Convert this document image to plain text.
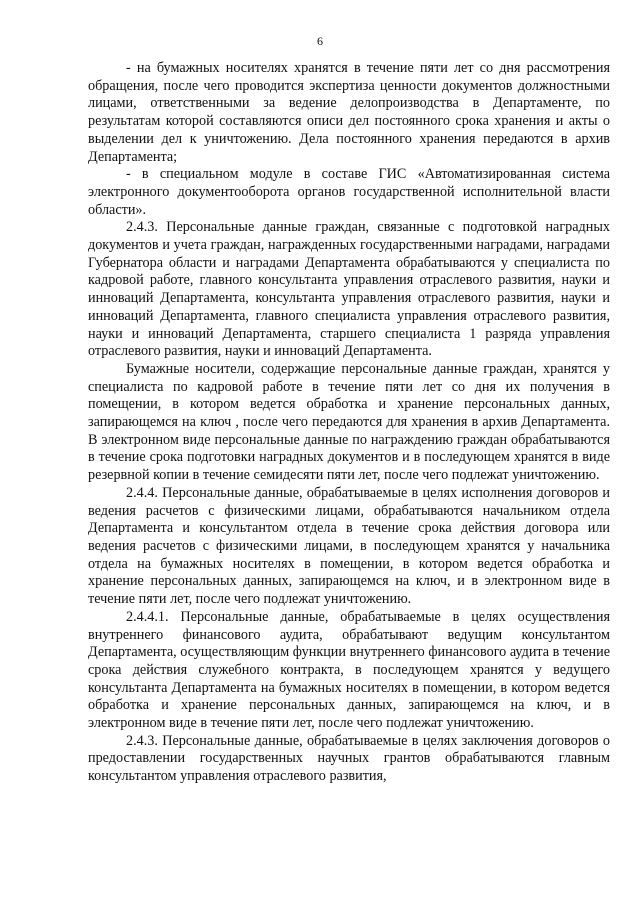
6

- на бумажных носителях хранятся в течение пяти лет со дня рассмотрения обращения, после чего проводится экспертиза ценности документов должностными лицами, ответственными за ведение делопроизводства в Департаменте, по результатам которой составляются описи дел постоянного срока хранения и акты о выделении дел к уничтожению. Дела постоянного хранения передаются в архив Департамента;

- в специальном модуле в составе ГИС «Автоматизированная система электронного документооборота органов государственной исполнительной власти области».

2.4.3. Персональные данные граждан, связанные с подготовкой наградных документов и учета граждан, награжденных государственными наградами, наградами Губернатора области и наградами Департамента обрабатываются у специалиста по кадровой работе, главного консультанта управления отраслевого развития, науки и инноваций Департамента, консультанта управления отраслевого развития, науки и инноваций Департамента, главного специалиста управления отраслевого развития, науки и инноваций Департамента, старшего специалиста 1 разряда управления отраслевого развития, науки и инноваций Департамента.

Бумажные носители, содержащие персональные данные граждан, хранятся у специалиста по кадровой работе в течение пяти лет со дня их получения в помещении, в котором ведется обработка и хранение персональных данных, запирающемся на ключ , после чего передаются для хранения в архив Департамента. В электронном виде персональные данные по награждению граждан обрабатываются в течение срока подготовки наградных документов и в последующем хранятся в виде резервной копии в течение семидесяти пяти лет, после чего подлежат уничтожению.

2.4.4. Персональные данные, обрабатываемые в целях исполнения договоров и ведения расчетов с физическими лицами, обрабатываются начальником отдела Департамента и консультантом отдела в течение срока действия договора или ведения расчетов с физическими лицами, в последующем хранятся у начальника отдела на бумажных носителях в помещении, в котором ведется обработка и хранение персональных данных, запирающемся на ключ, и в электронном виде в течение пяти лет, после чего подлежат уничтожению.

2.4.4.1. Персональные данные, обрабатываемые в целях осуществления внутреннего финансового аудита, обрабатывают ведущим консультантом Департамента, осуществляющим функции внутреннего финансового аудита в течение срока действия служебного контракта, в последующем хранятся у ведущего консультанта Департамента на бумажных носителях в помещении, в котором ведется обработка и хранение персональных данных, запирающемся на ключ, и в электронном виде в течение пяти лет, после чего подлежат уничтожению.

2.4.3. Персональные данные, обрабатываемые в целях заключения договоров о предоставлении государственных научных грантов обрабатываются главным консультантом управления отраслевого развития,
